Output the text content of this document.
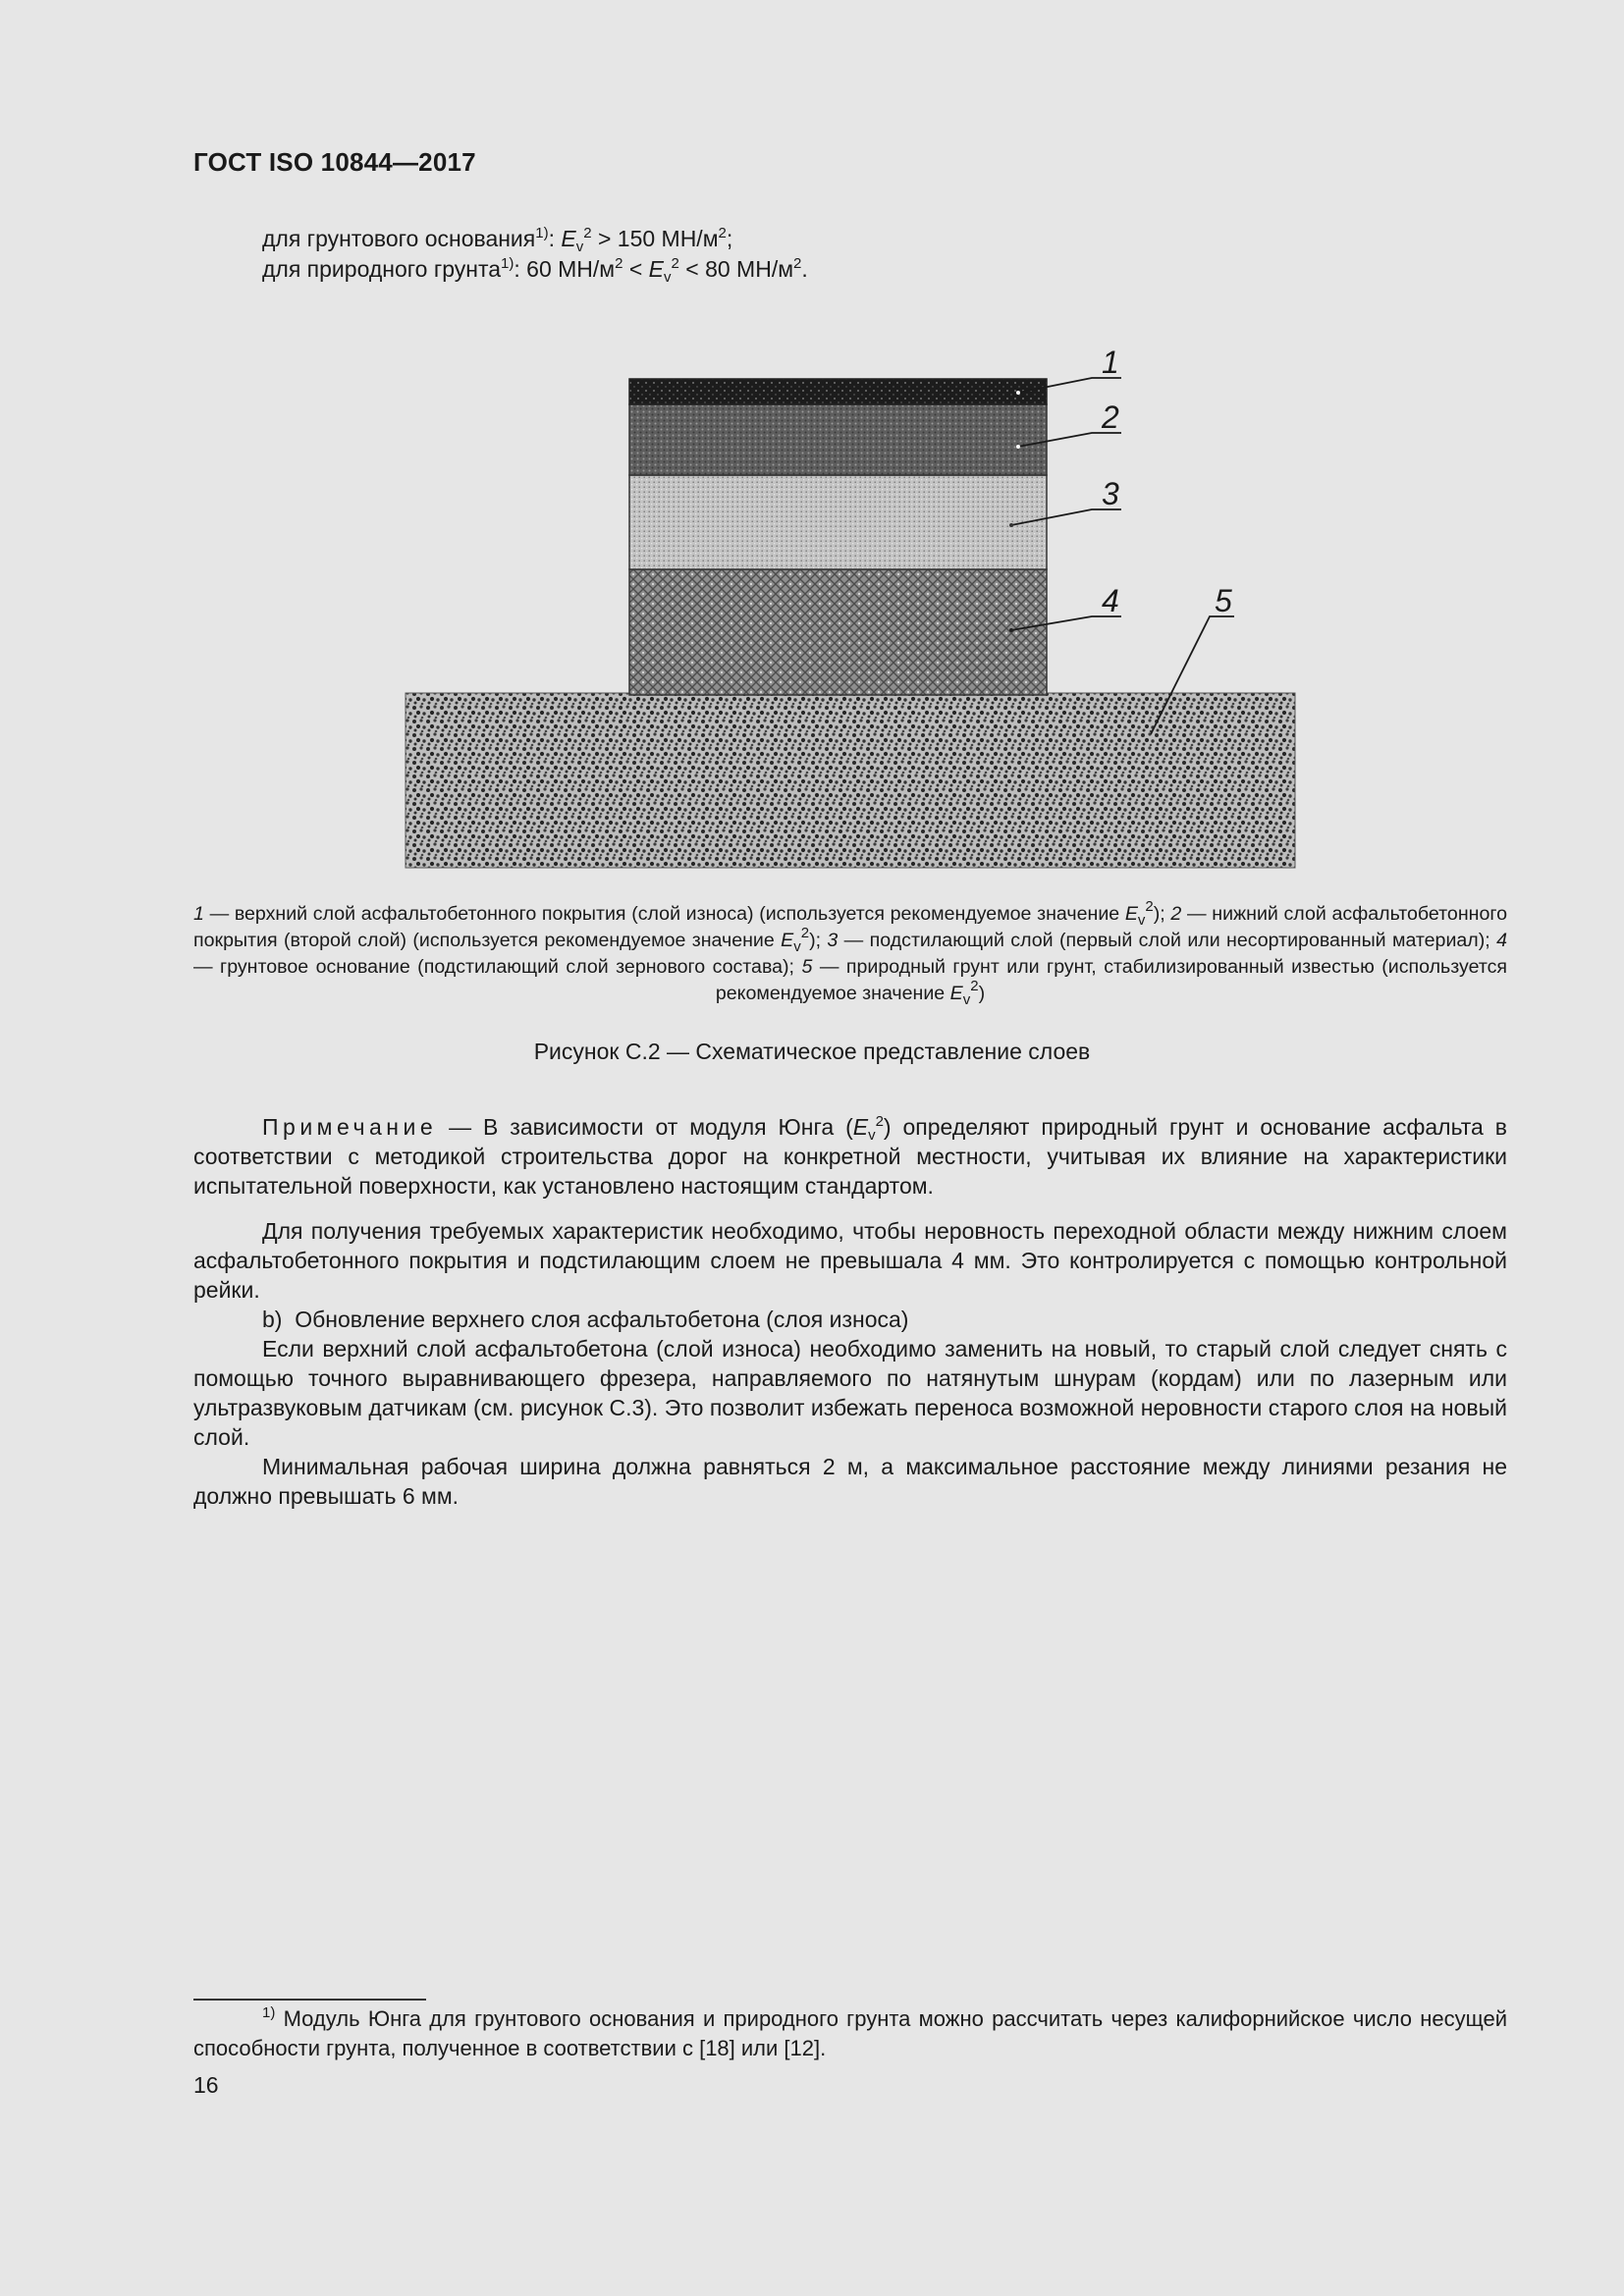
ГОСТ ISO 10844—2017
для грунтового основания$^{1)}$: $E_v^2 > 150$ $МН/м^2$;
для природного грунта$^{1)}$: 60 $МН/м^2 < E_v^2 < 80$ $МН/м^2$.
1
2
3
4	5
1 — верхний слой асфальтобетонного покрытия (слой износа) (используется рекомендуемое значение $E_v^2$); 2 — нижний слой асфальтобетонного покрытия (второй слой) (используется рекомендуемое значение $E_v^2$); 3 — подстилающий слой (первый слой или несортированный материал); 4 — грунтовое основание (подстилающий слой зернового состава); 5 — природный грунт или грунт, стабилизированный известью (используется рекомендуемое значение $E_v^2$)
Рисунок С.2 — Схематическое представление слоев

Примечание — В зависимости от модуля Юнга $(E_v^2)$ определяют природный грунт и основание асфальта в соответствии с методикой строительства дорог на конкретной местности, учитывая их влияние на характеристики испытательной поверхности, как установлено настоящим стандартом.

Для получения требуемых характеристик необходимо, чтобы неровность переходной области между нижним слоем асфальтобетонного покрытия и подстилающим слоем не превышала 4 мм. Это контролируется с помощью контрольной рейки.

b)  Обновление верхнего слоя асфальтобетона (слоя износа)

Если верхний слой асфальтобетона (слой износа) необходимо заменить на новый, то старый слой следует снять с помощью точного выравнивающего фрезера, направляемого по натянутым шнурам (кордам) или по лазерным или ультразвуковым датчикам (см. рисунок С.3). Это позволит избежать переноса возможной неровности старого слоя на новый слой.

Минимальная рабочая ширина должна равняться 2 м, а максимальное расстояние между линиями резания не должно превышать 6 мм.

$^{1)}$ Модуль Юнга для грунтового основания и природного грунта можно рассчитать через калифорнийское число несущей способности грунта, полученное в соответствии с [18] или [12].

16
